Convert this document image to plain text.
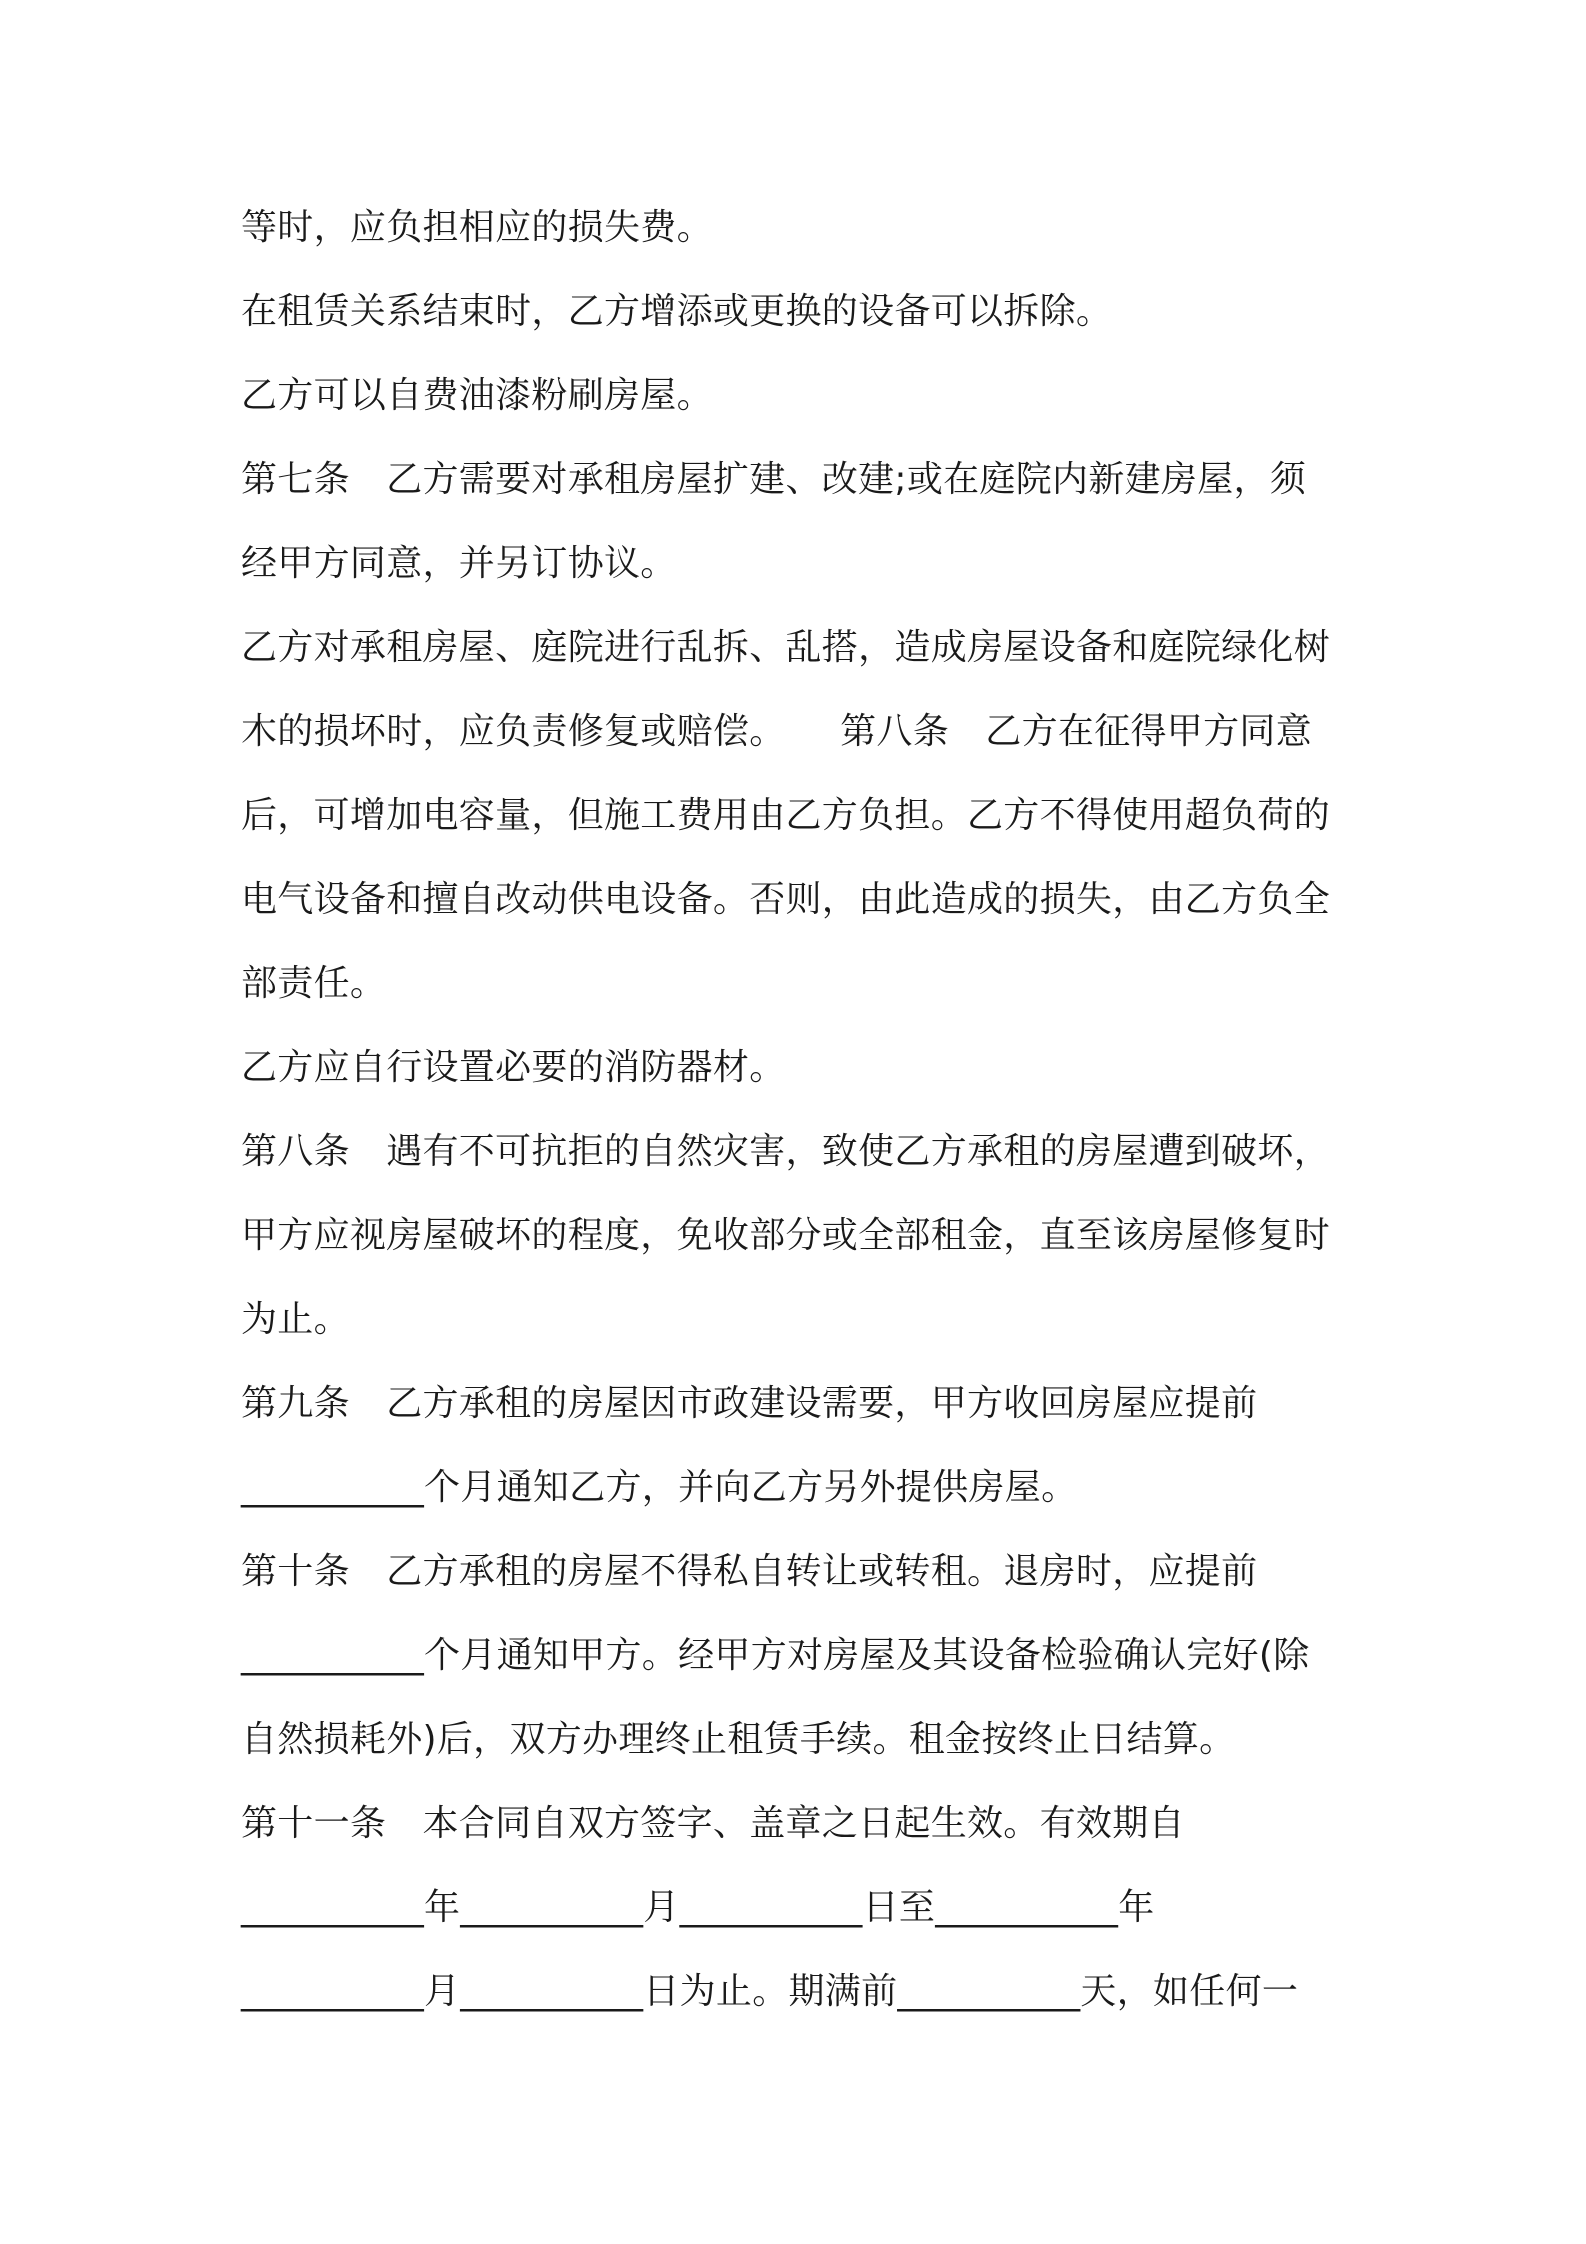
等时，应负担相应的损失费。

在租赁关系结束时，乙方增添或更换的设备可以拆除。

乙方可以自费油漆粉刷房屋。

第七条　乙方需要对承租房屋扩建、改建;或在庭院内新建房屋，须

经甲方同意，并另订协议。

乙方对承租房屋、庭院进行乱拆、乱搭，造成房屋设备和庭院绿化树

木的损坏时，应负责修复或赔偿。　　第八条　乙方在征得甲方同意

后，可增加电容量，但施工费用由乙方负担。乙方不得使用超负荷的

电气设备和擅自改动供电设备。否则，由此造成的损失，由乙方负全

部责任。

乙方应自行设置必要的消防器材。

第八条　遇有不可抗拒的自然灾害，致使乙方承租的房屋遭到破坏，

甲方应视房屋破坏的程度，免收部分或全部租金，直至该房屋修复时

为止。

第九条　乙方承租的房屋因市政建设需要，甲方收回房屋应提前

__________个月通知乙方，并向乙方另外提供房屋。

第十条　乙方承租的房屋不得私自转让或转租。退房时，应提前

__________个月通知甲方。经甲方对房屋及其设备检验确认完好(除

自然损耗外)后，双方办理终止租赁手续。租金按终止日结算。

第十一条　本合同自双方签字、盖章之日起生效。有效期自

__________年__________月__________日至__________年

__________月__________日为止。期满前__________天，如任何一
